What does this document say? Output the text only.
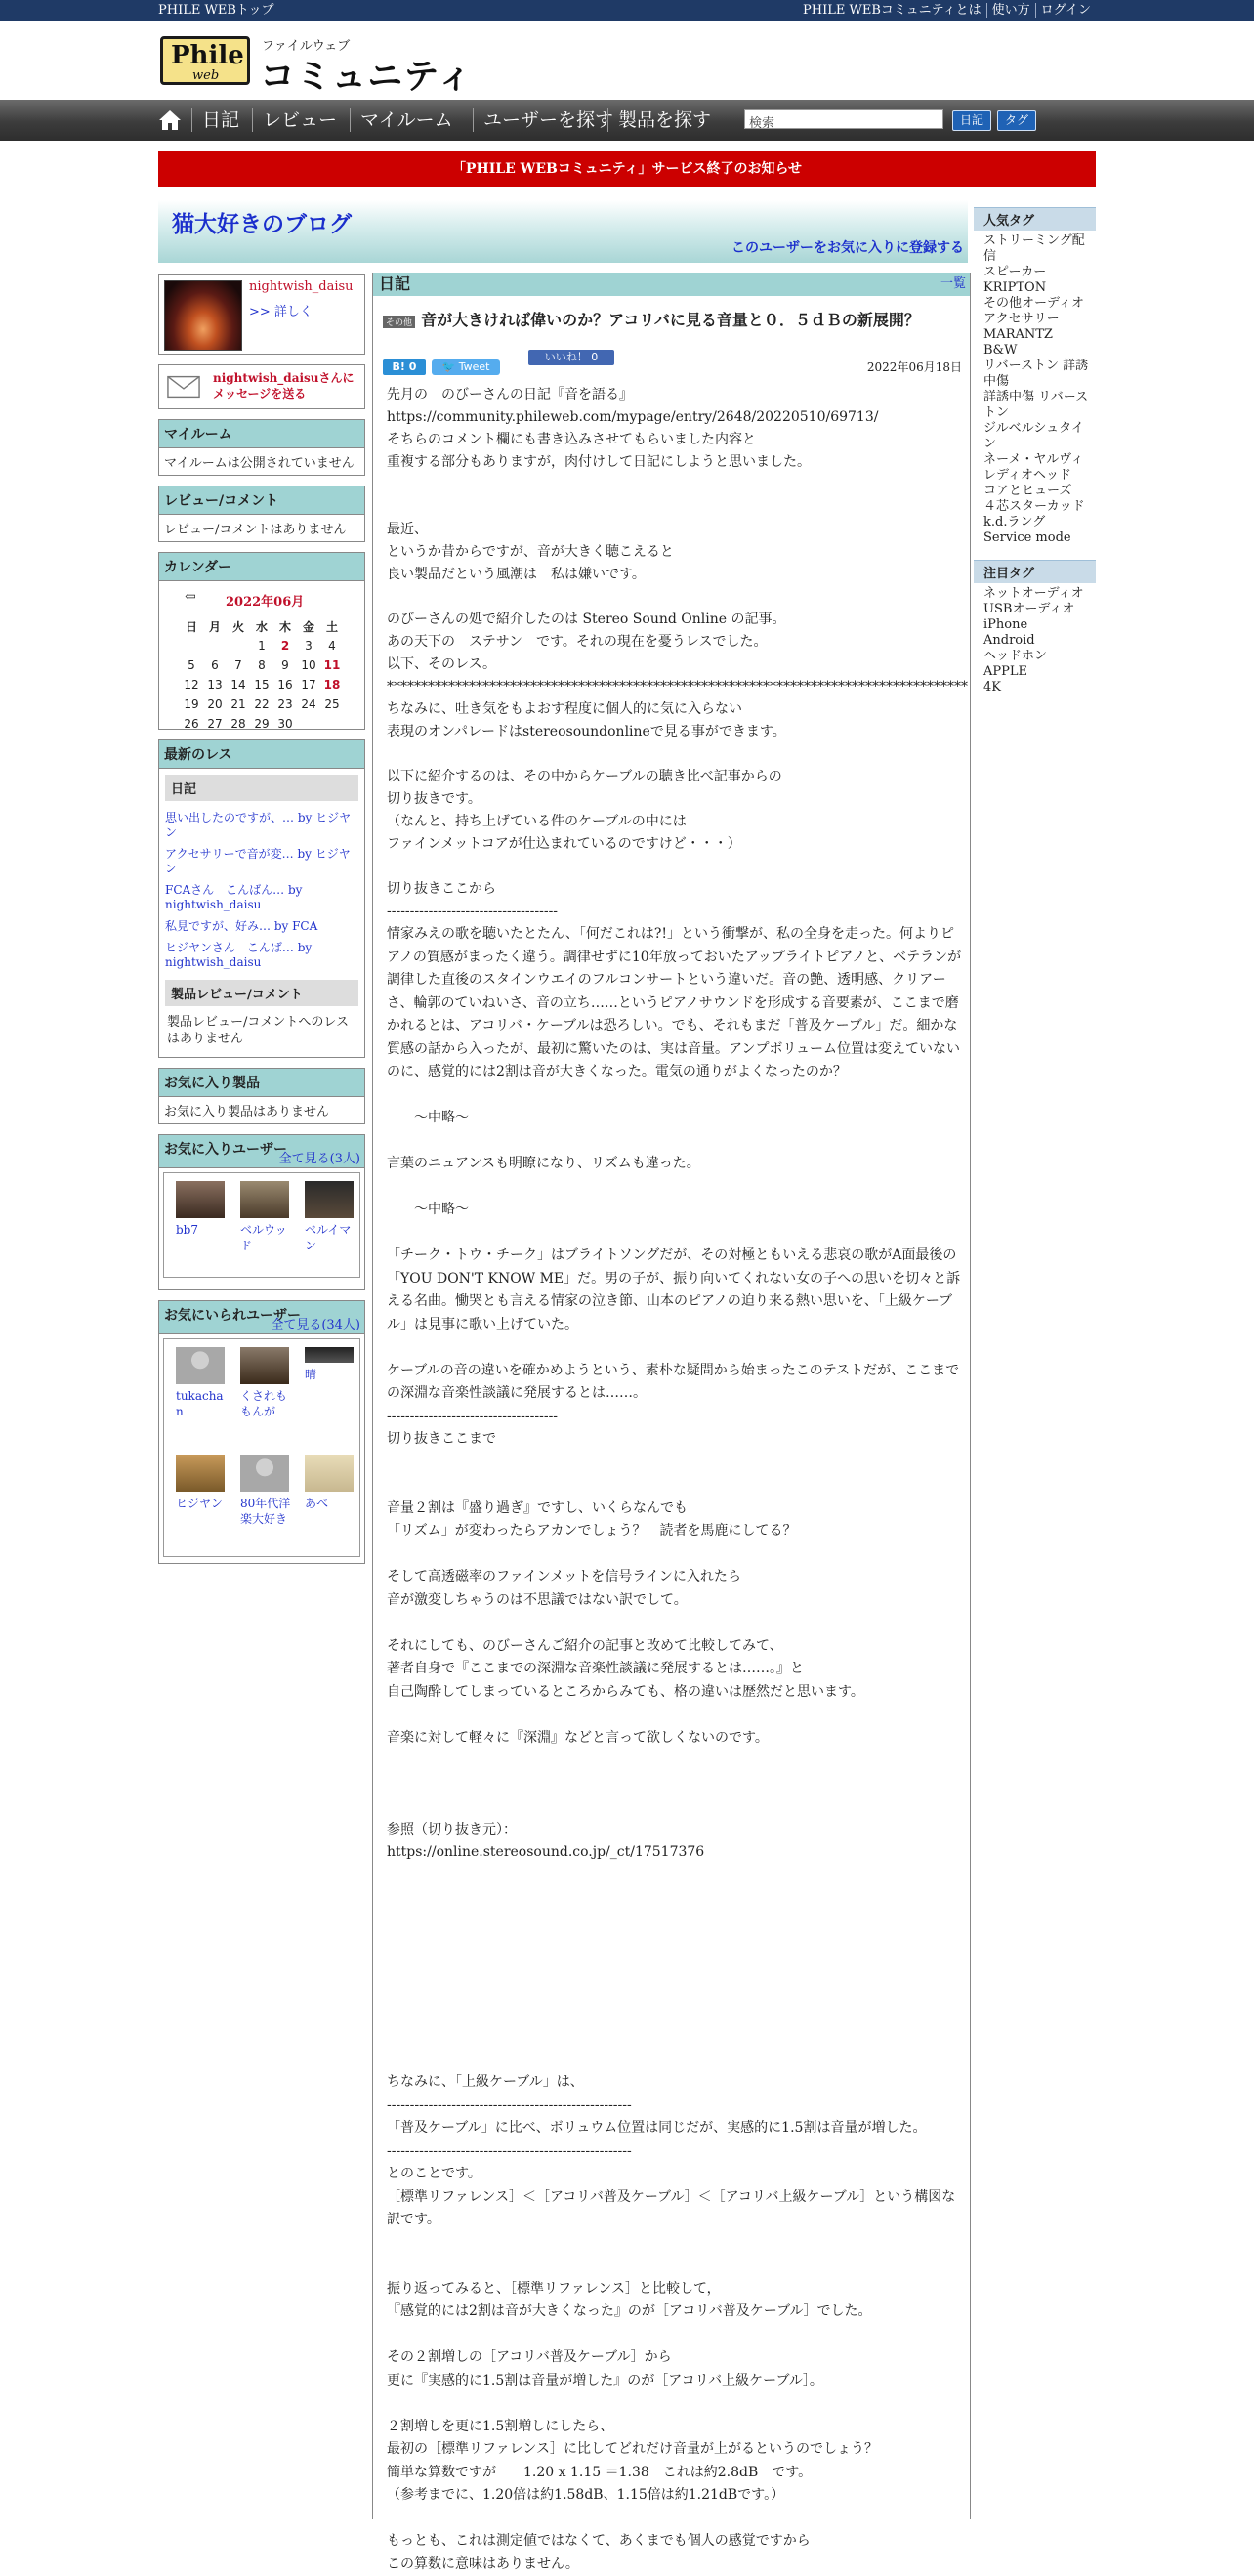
PHILE WEBトップ	PHILE WEBコミュニティとは 使い方 ログイン
Phile
web
ファイルウェブ
コミュニティ
日記	レビュー	マイルーム	ユーザーを探す 製品を探す	検索	日記	タグ
「PHILE WEBコミュニティ」サービス終了のお知らせ
猫大好きのブログ
このユーザーをお気に入りに登録する
nightwish_daisu
>> 詳しく
nightwish_daisuさんにメッセージを送る
マイルーム
マイルームは公開されていません
レビュー/コメント
レビュー/コメントはありません
カレンダー
⇦ 2022年06月
日	月	火	水	木	金	土
			1	2	3	4
5	6	7	8	9	10	11
12	13	14	15	16	17	18
19	20	21	22	23	24	25
26	27	28	29	30		
最新のレス
日記
思い出したのですが、… by ヒジヤン
アクセサリーで音が変… by ヒジヤン
FCAさん　こんばん… by nightwish_daisu
私見ですが、好み… by FCA
ヒジヤンさん　こんば… by nightwish_daisu
製品レビュー/コメント
製品レビュー/コメントへのレスはありません
お気に入り製品
お気に入り製品はありません
お気に入りユーザー
全て見る(3人)
bb7	ベルウッド
ベルイマン
お気にいられユーザー
全て見る(34人)
tukachan
くされももんが
晴
ヒジヤン	80年代洋楽大好き
あべ
日記	一覧
その他 音が大きければ偉いのか？アコリバに見る音量と０．５ｄＢの新展開？
B! 0	🐦 Tweet
いいね！ 0
2022年06月18日

先月の　のびーさんの日記『音を語る』
https://community.phileweb.com/mypage/entry/2648/20220510/69713/
そちらのコメント欄にも書き込みさせてもらいました内容と
重複する部分もありますが，肉付けして日記にしようと思いました。

最近、
というか昔からですが、音が大きく聴こえると
良い製品だという風潮は　私は嫌いです。

のびーさんの処で紹介したのは Stereo Sound Online の記事。
あの天下の　ステサン　です。それの現在を憂うレスでした。
以下、そのレス。
*************************************************************************************
ちなみに、吐き気をもよおす程度に個人的に気に入らない
表現のオンパレードはstereosoundonlineで見る事ができます。

以下に紹介するのは、その中からケーブルの聴き比べ記事からの
切り抜きです。
（なんと、持ち上げている件のケーブルの中には
ファインメットコアが仕込まれているのですけど・・・）

切り抜きここから
-------------------------------------

情家みえの歌を聴いたとたん、「何だこれは?!」という衝撃が、私の全身を走った。何よりピアノの質感がまったく違う。調律せずに10年放っておいたアップライトピアノと、ベテランが調律した直後のスタインウエイのフルコンサートという違いだ。音の艶、透明感、クリアーさ、輪郭のていねいさ、音の立ち……というピアノサウンドを形成する音要素が、ここまで磨かれるとは、アコリバ・ケーブルは恐ろしい。でも、それもまだ「普及ケーブル」だ。細かな質感の話から入ったが、最初に驚いたのは、実は音量。アンプボリューム位置は変えていないのに、感覚的には2割は音が大きくなった。電気の通りがよくなったのか？

　　～中略～

言葉のニュアンスも明瞭になり、リズムも違った。

　　～中略～

「チーク・トウ・チーク」はブライトソングだが、その対極ともいえる悲哀の歌がA面最後の「YOU DON'T KNOW ME」だ。男の子が、振り向いてくれない女の子への思いを切々と訴える名曲。慟哭とも言える情家の泣き節、山本のピアノの迫り来る熱い思いを、「上級ケーブル」は見事に歌い上げていた。

ケーブルの音の違いを確かめようという、素朴な疑問から始まったこのテストだが、ここまでの深淵な音楽性談議に発展するとは……。
-------------------------------------
切り抜きここまで

音量２割は『盛り過ぎ』ですし、いくらなんでも
「リズム」が変わったらアカンでしょう？　読者を馬鹿にしてる？

そして高透磁率のファインメットを信号ラインに入れたら
音が激変しちゃうのは不思議ではない訳でして。

それにしても、のびーさんご紹介の記事と改めて比較してみて、
著者自身で『ここまでの深淵な音楽性談議に発展するとは……。』と
自己陶酔してしまっているところからみても、格の違いは歴然だと思います。

音楽に対して軽々に『深淵』などと言って欲しくないのです。

参照（切り抜き元）：
https://online.stereosound.co.jp/_ct/17517376

ちなみに、「上級ケーブル」は、
-----------------------------------------------------
「普及ケーブル」に比べ、ボリュウム位置は同じだが、実感的に1.5割は音量が増した。
-----------------------------------------------------
とのことです。
［標準リファレンス］＜［アコリバ普及ケーブル］＜［アコリバ上級ケーブル］という構図な訳です。

振り返ってみると、［標準リファレンス］と比較して，
『感覚的には2割は音が大きくなった』のが［アコリバ普及ケーブル］でした。

その２割増しの［アコリバ普及ケーブル］から
更に『実感的に1.5割は音量が増した』のが［アコリバ上級ケーブル］。

２割増しを更に1.5割増しにしたら、
最初の［標準リファレンス］に比してどれだけ音量が上がるというのでしょう？
簡単な算数ですが　　1.20 x 1.15 ＝1.38　これは約2.8dB　です。
（参考までに、1.20倍は約1.58dB、1.15倍は約1.21dBです。）

もっとも、これは測定値ではなくて、あくまでも個人の感覚ですから
この算数に意味はありません。

人気タグ
ストリーミング配信
スピーカー
KRIPTON
その他オーディオアクセサリー
MARANTZ
B&W
リバーストン 詳誘中傷
詳誘中傷 リバーストン
ジルベルシュタイン
ネーメ・ヤルヴィ
レディオヘッド
コアとヒューズ
４芯スターカッド
k.d.ラング
Service mode
注目タグ
ネットオーディオ
USBオーディオ
iPhone
Android
ヘッドホン
APPLE
4K
